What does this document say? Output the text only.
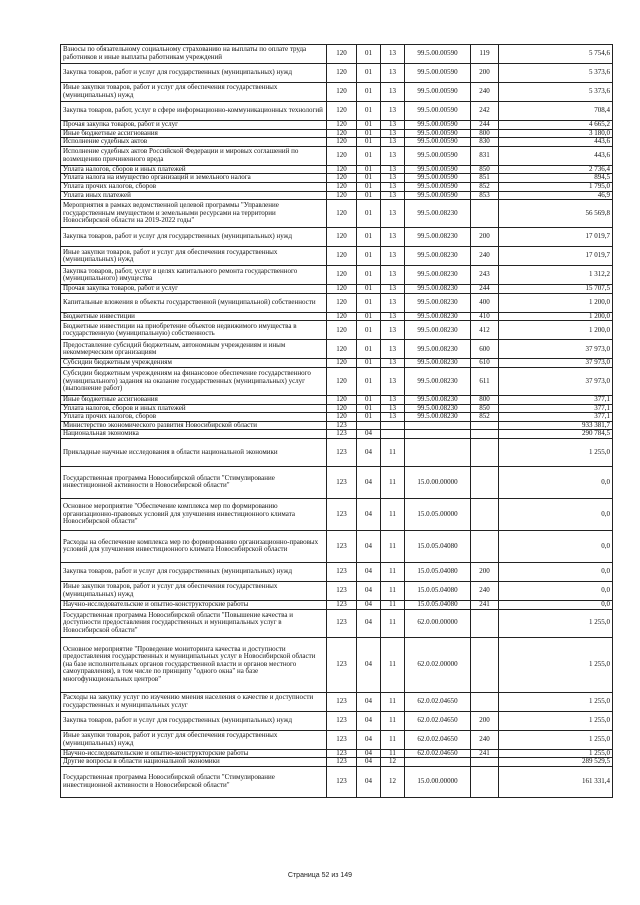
Взносы по обязательному социальному страхованию на выплаты по оплате труда работников и иные выплаты работникам учреждений	120	01	13	99.5.00.00590	119	5 754,6
Закупка товаров, работ и услуг для государственных (муниципальных) нужд	120	01	13	99.5.00.00590	200	5 373,6
Иные закупки товаров, работ и услуг для обеспечения государственных (муниципальных) нужд	120	01	13	99.5.00.00590	240	5 373,6
Закупка товаров, работ, услуг в сфере информационно-коммуникационных технологий	120	01	13	99.5.00.00590	242	708,4
Прочая закупка товаров, работ и услуг	120	01	13	99.5.00.00590	244	4 665,2
Иные бюджетные ассигнования	120	01	13	99.5.00.00590	800	3 180,0
Исполнение судебных актов	120	01	13	99.5.00.00590	830	443,6
Исполнение судебных актов Российской Федерации и мировых соглашений по возмещению причиненного вреда	120	01	13	99.5.00.00590	831	443,6
Уплата налогов, сборов и иных платежей	120	01	13	99.5.00.00590	850	2 736,4
Уплата налога на имущество организаций и земельного налога	120	01	13	99.5.00.00590	851	894,5
Уплата прочих налогов, сборов	120	01	13	99.5.00.00590	852	1 795,0
Уплата иных платежей	120	01	13	99.5.00.00590	853	46,9
Мероприятия в рамках ведомственной целевой программы "Управление государственным имуществом и земельными ресурсами на территории Новосибирской области на 2019-2022 годы"	120	01	13	99.5.00.08230		56 569,8
Закупка товаров, работ и услуг для государственных (муниципальных) нужд	120	01	13	99.5.00.08230	200	17 019,7
Иные закупки товаров, работ и услуг для обеспечения государственных (муниципальных) нужд	120	01	13	99.5.00.08230	240	17 019,7
Закупка товаров, работ, услуг в целях капитального ремонта государственного (муниципального) имущества	120	01	13	99.5.00.08230	243	1 312,2
Прочая закупка товаров, работ и услуг	120	01	13	99.5.00.08230	244	15 707,5
Капитальные вложения в объекты государственной (муниципальной) собственности	120	01	13	99.5.00.08230	400	1 200,0
Бюджетные инвестиции	120	01	13	99.5.00.08230	410	1 200,0
Бюджетные инвестиции на приобретение объектов недвижимого имущества в государственную (муниципальную) собственность	120	01	13	99.5.00.08230	412	1 200,0
Предоставление субсидий бюджетным, автономным учреждениям и иным некоммерческим организациям	120	01	13	99.5.00.08230	600	37 973,0
Субсидии бюджетным учреждениям	120	01	13	99.5.00.08230	610	37 973,0
Субсидии бюджетным учреждениям на финансовое обеспечение государственного (муниципального) задания на оказание государственных (муниципальных) услуг (выполнение работ)	120	01	13	99.5.00.08230	611	37 973,0
Иные бюджетные ассигнования	120	01	13	99.5.00.08230	800	377,1
Уплата налогов, сборов и иных платежей	120	01	13	99.5.00.08230	850	377,1
Уплата прочих налогов, сборов	120	01	13	99.5.00.08230	852	377,1
Министерство экономического развития Новосибирской области	123					933 381,7
Национальная экономика	123	04				290 784,5
Прикладные научные исследования в области национальной экономики	123	04	11			1 255,0
Государственная программа Новосибирской области "Стимулирование инвестиционной активности в Новосибирской области"	123	04	11	15.0.00.00000		0,0
Основное мероприятие "Обеспечение комплекса мер по формированию организационно-правовых условий для улучшения инвестиционного климата Новосибирской области"	123	04	11	15.0.05.00000		0,0
Расходы на обеспечение комплекса мер по формированию организационно-правовых условий для улучшения инвестиционного климата Новосибирской области	123	04	11	15.0.05.04080		0,0
Закупка товаров, работ и услуг для государственных (муниципальных) нужд	123	04	11	15.0.05.04080	200	0,0
Иные закупки товаров, работ и услуг для обеспечения государственных (муниципальных) нужд	123	04	11	15.0.05.04080	240	0,0
Научно-исследовательские и опытно-конструкторские работы	123	04	11	15.0.05.04080	241	0,0
Государственная программа Новосибирской области "Повышение качества и доступности предоставления государственных и муниципальных услуг в Новосибирской области"	123	04	11	62.0.00.00000		1 255,0
Основное мероприятие "Проведение мониторинга качества и доступности предоставления государственных и муниципальных услуг в Новосибирской области (на базе исполнительных органов государственной власти и органов местного самоуправления), в том числе по принципу "одного окна" на базе многофункциональных центров"	123	04	11	62.0.02.00000		1 255,0
Расходы на закупку услуг по изучению мнения населения о качестве и доступности государственных и муниципальных услуг	123	04	11	62.0.02.04650		1 255,0
Закупка товаров, работ и услуг для государственных (муниципальных) нужд	123	04	11	62.0.02.04650	200	1 255,0
Иные закупки товаров, работ и услуг для обеспечения государственных (муниципальных) нужд	123	04	11	62.0.02.04650	240	1 255,0
Научно-исследовательские и опытно-конструкторские работы	123	04	11	62.0.02.04650	241	1 255,0
Другие вопросы в области национальной экономики	123	04	12			289 529,5
Государственная программа Новосибирской области "Стимулирование инвестиционной активности в Новосибирской области"	123	04	12	15.0.00.00000		161 331,4
Страница 52 из 149
